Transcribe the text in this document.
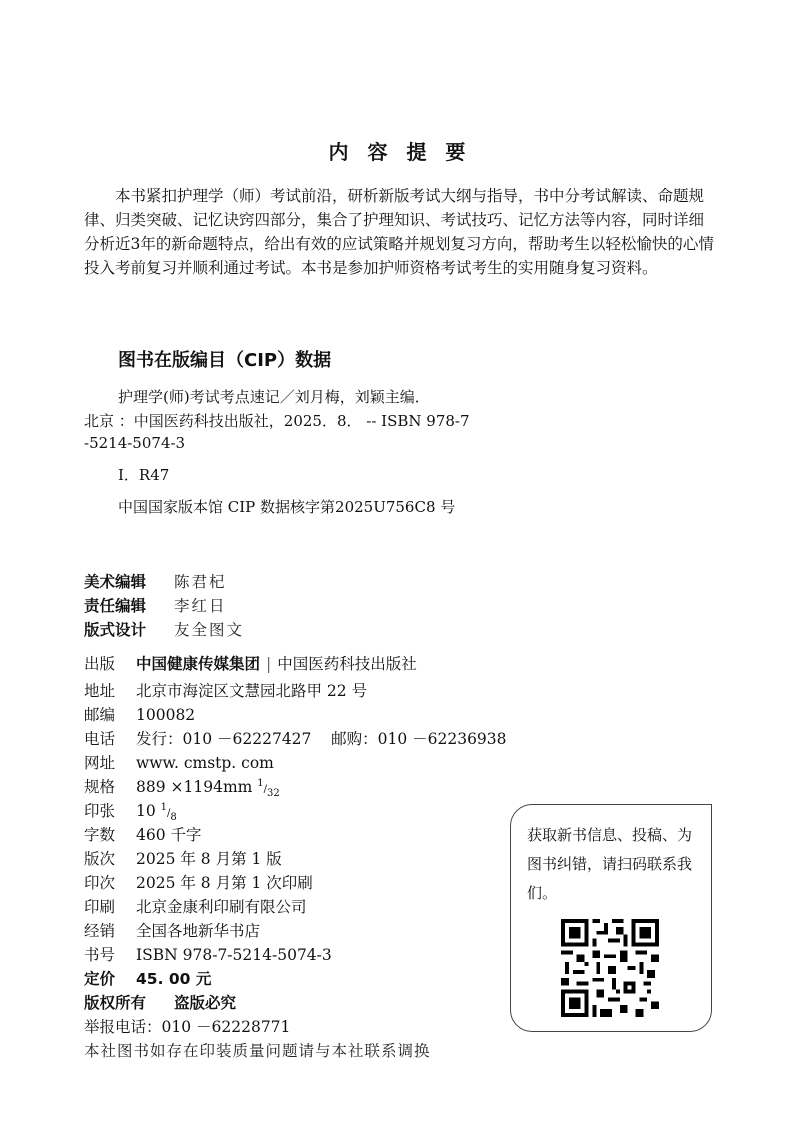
内 容 提 要

本书紧扣护理学（师）考试前沿，研析新版考试大纲与指导，书中分考试解读、命题规律、归类突破、记忆诀窍四部分，集合了护理知识、考试技巧、记忆方法等内容，同时详细分析近3年的新命题特点，给出有效的应试策略并规划复习方向，帮助考生以轻松愉快的心情投入考前复习并顺利通过考试。本书是参加护师资格考试考生的实用随身复习资料。

图书在版编目（CIP）数据
护理学(师)考试考点速记／刘月梅，刘颖主编．
北京 ：中国医药科技出版社，2025．8． -- ISBN 978-7
-5214-5074-3
Ⅰ．R47
中国国家版本馆 CIP 数据核字第2025U756C8 号
美术编辑 陈君杞
责任编辑 李红日
版式设计 友全图文
出版 中国健康传媒集团 | 中国医药科技出版社
地址 北京市海淀区文慧园北路甲 22 号
邮编 100082
电话 发行：010 －62227427    邮购：010 －62236938
网址 www. cmstp. com
规格 889 ×1194mm $^1/_{32}$
印张 10 $^1/_8$
字数 460 千字
版次 2025 年 8 月第 1 版
印次 2025 年 8 月第 1 次印刷
印刷 北京金康利印刷有限公司
经销 全国各地新华书店
书号 ISBN 978-7-5214-5074-3
定价 45. 00 元
版权所有 盗版必究
举报电话：010 －62228771
本社图书如存在印装质量问题请与本社联系调换
获取新书信息、投稿、为图书纠错，请扫码联系我们。
